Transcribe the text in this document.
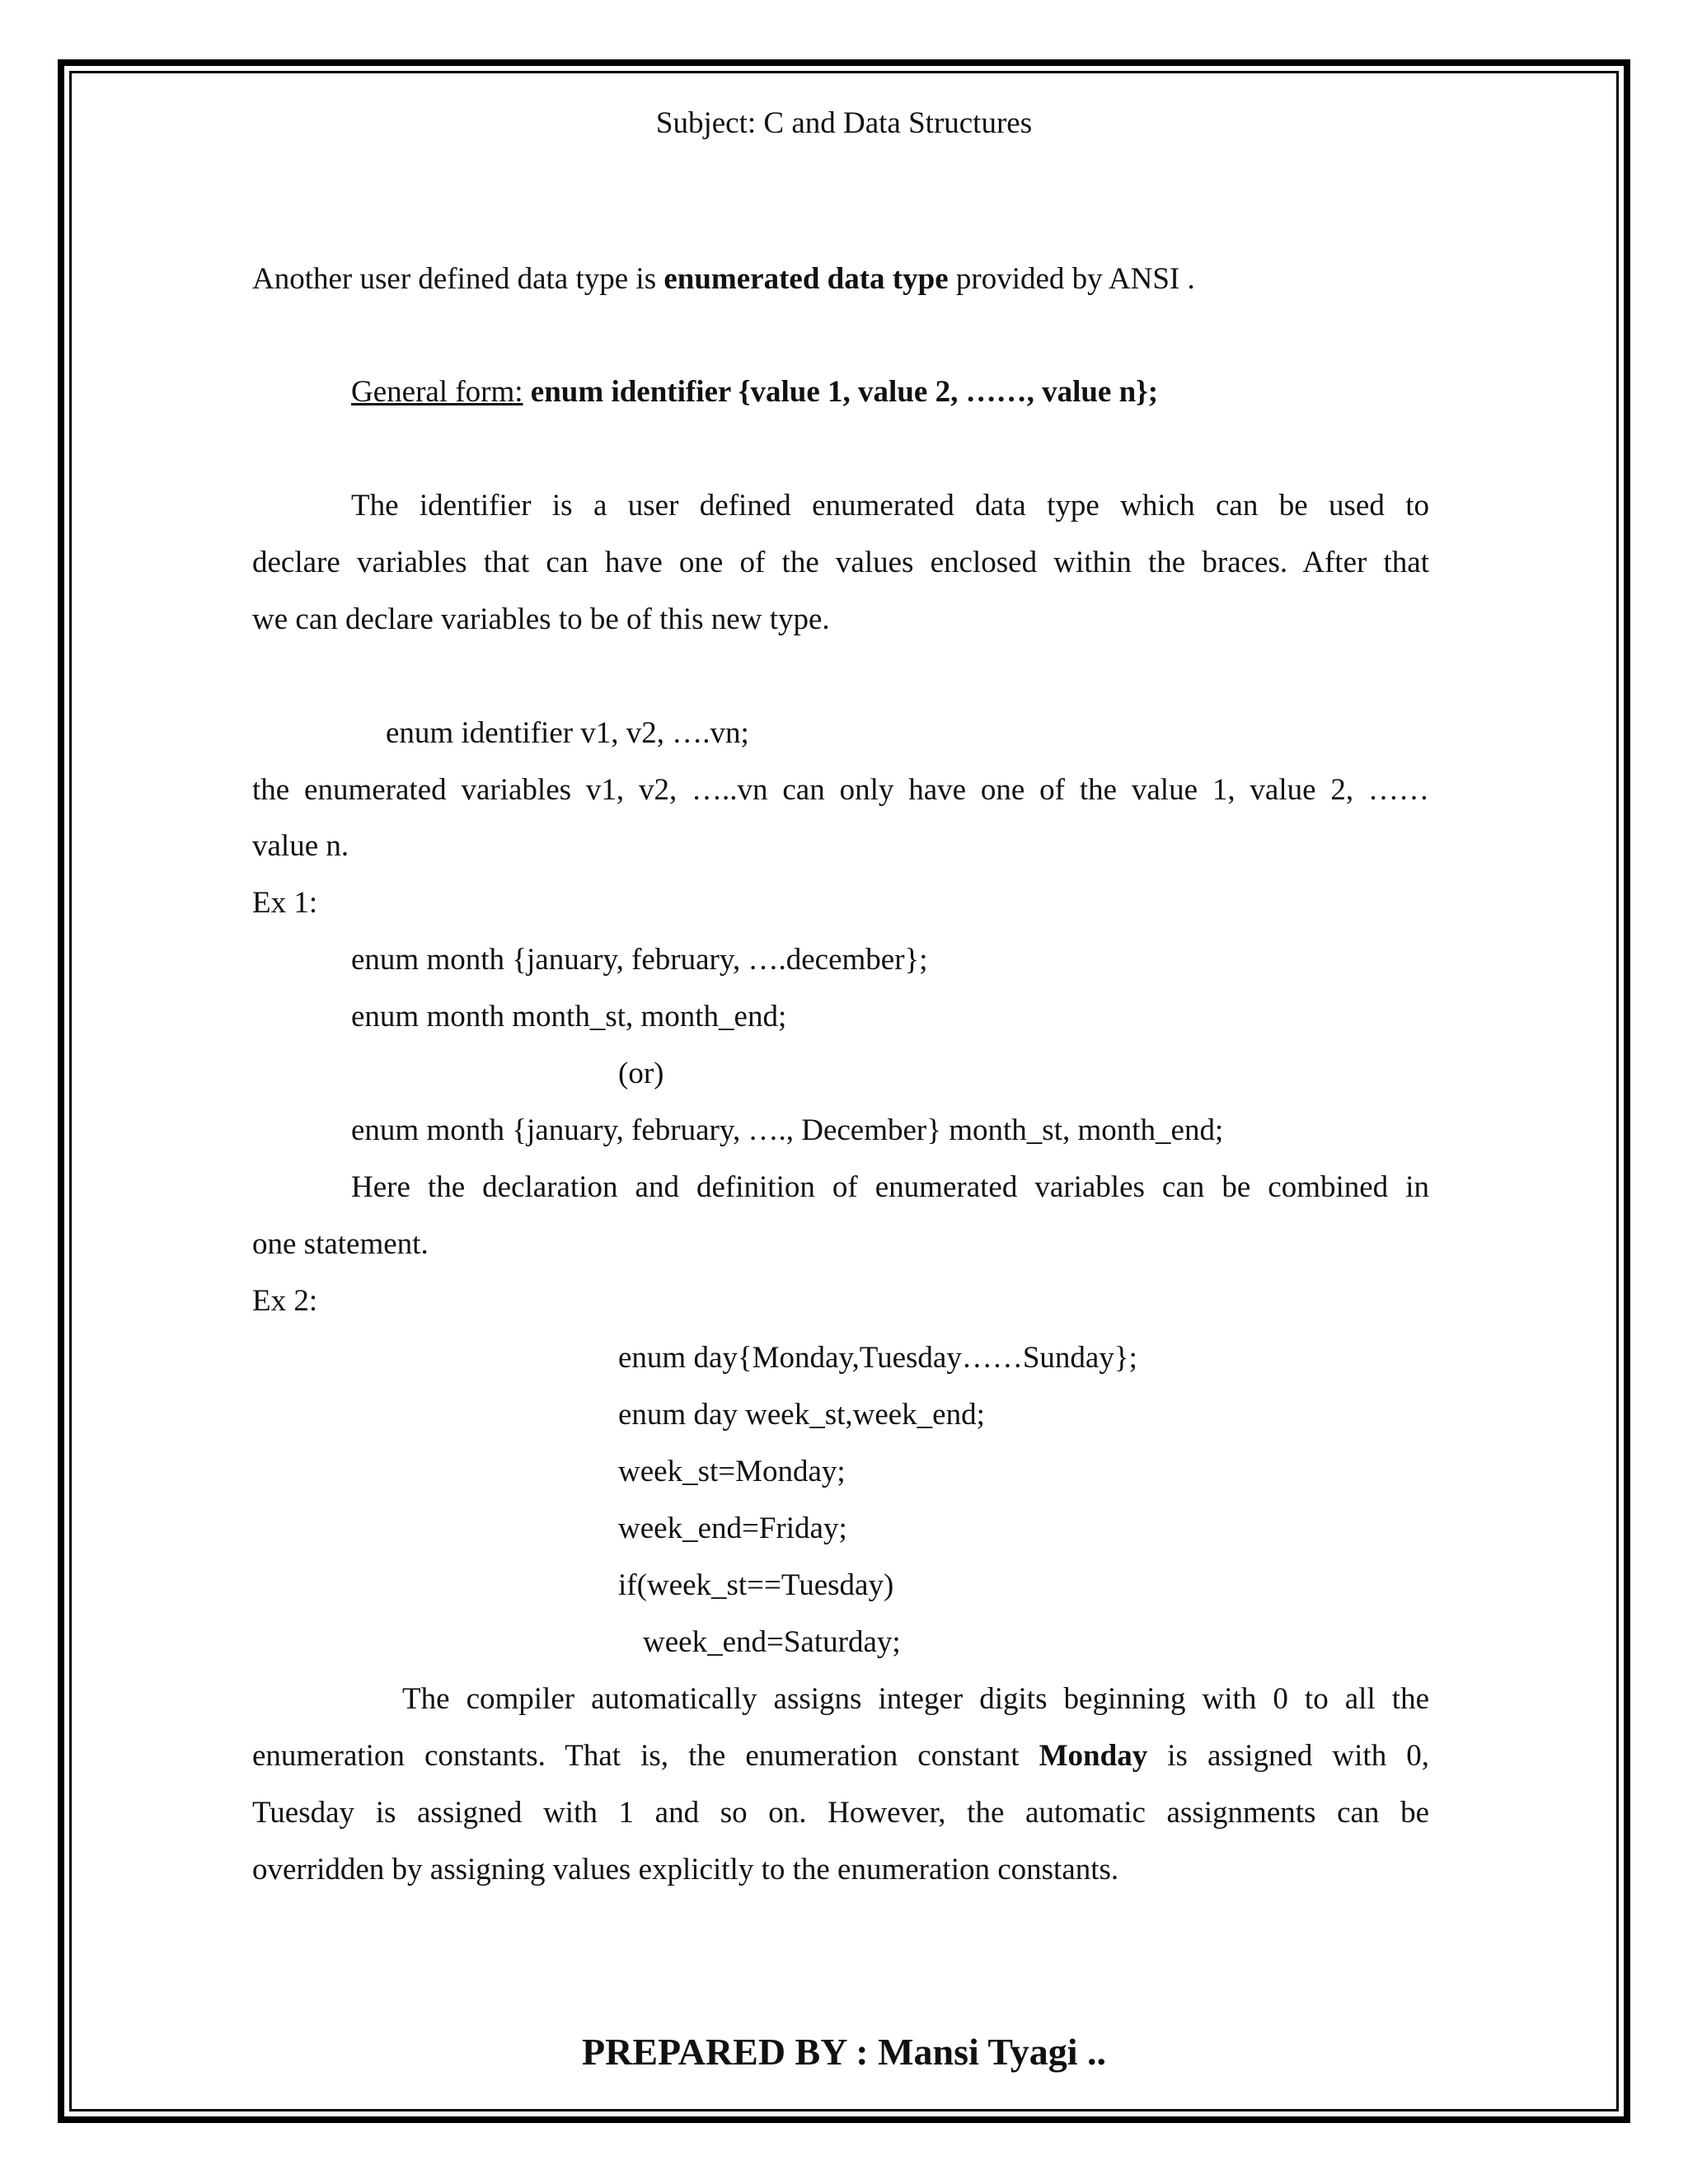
Subject: C and Data Structures
Another user defined data type is enumerated data type provided by ANSI .
General form: enum identifier {value 1, value 2, ……, value n};
The identifier is a user defined enumerated data type which can be used to
declare variables that can have one of the values enclosed within the braces. After that
we can declare variables to be of this new type.
enum identifier v1, v2, ….vn;
the enumerated variables v1, v2, …..vn can only have one of the value 1, value 2, ……
value n.
Ex 1:
enum month {january, february, ….december};
enum month month_st, month_end;
(or)
enum month {january, february, …., December} month_st, month_end;
Here the declaration and definition of enumerated variables can be combined in
one statement.
Ex 2:
enum day{Monday,Tuesday……Sunday};
enum day week_st,week_end;
week_st=Monday;
week_end=Friday;
if(week_st==Tuesday)
week_end=Saturday;
The compiler automatically assigns integer digits beginning with 0 to all the
enumeration constants. That is, the enumeration constant Monday is assigned with 0,
Tuesday is assigned with 1 and so on. However, the automatic assignments can be
overridden by assigning values explicitly to the enumeration constants.
PREPARED BY : Mansi Tyagi ..
